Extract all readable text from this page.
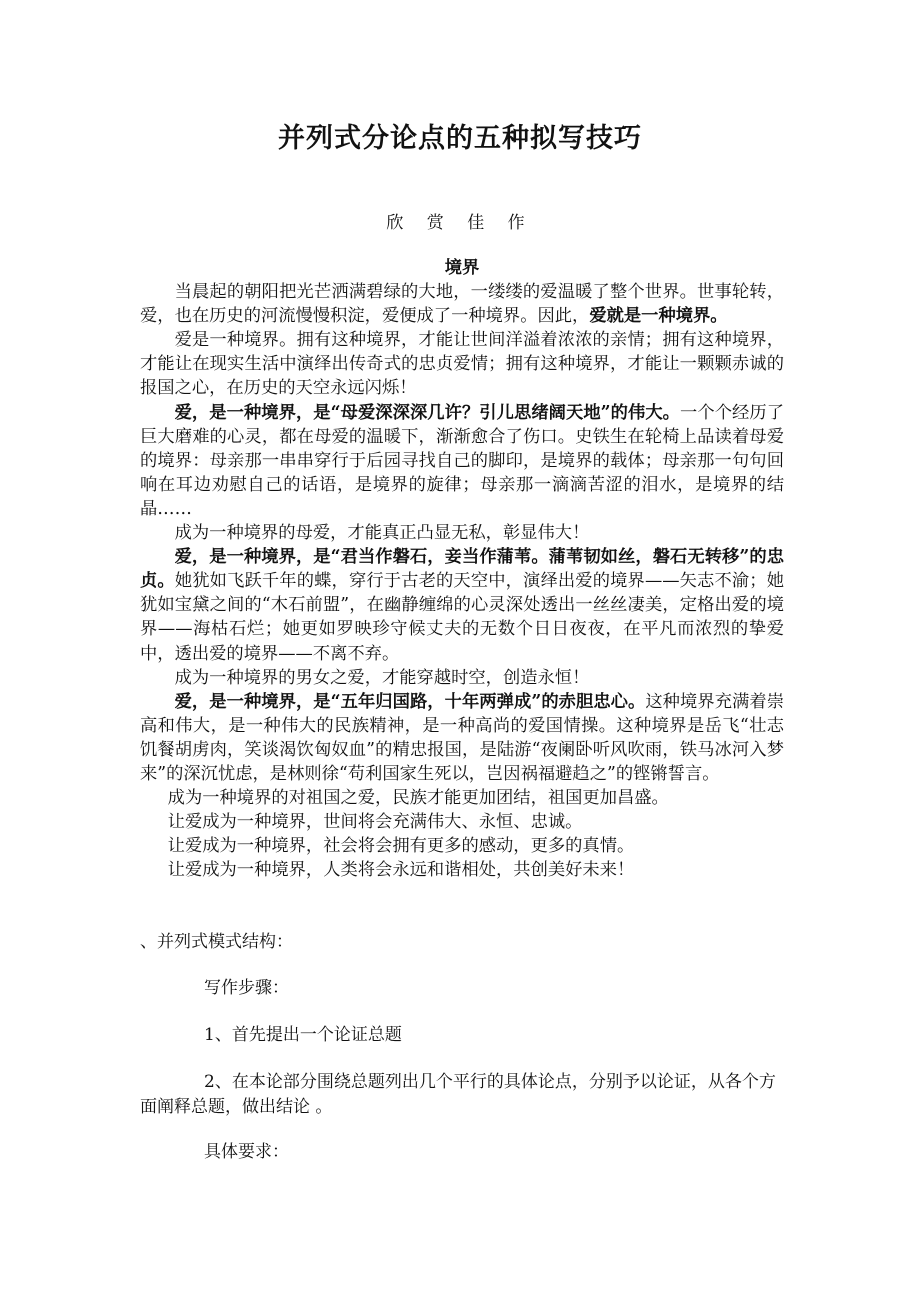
并列式分论点的五种拟写技巧
欣 赏 佳 作

境界

当晨起的朝阳把光芒洒满碧绿的大地，一缕缕的爱温暖了整个世界。世事轮转，爱，也在历史的河流慢慢积淀，爱便成了一种境界。因此，爱就是一种境界。

爱是一种境界。拥有这种境界，才能让世间洋溢着浓浓的亲情；拥有这种境界，才能让在现实生活中演绎出传奇式的忠贞爱情；拥有这种境界，才能让一颗颗赤诚的报国之心，在历史的天空永远闪烁！

爱，是一种境界，是“母爱深深深几许？引儿思绪阔天地”的伟大。一个个经历了巨大磨难的心灵，都在母爱的温暖下，渐渐愈合了伤口。史铁生在轮椅上品读着母爱的境界：母亲那一串串穿行于后园寻找自己的脚印，是境界的载体；母亲那一句句回响在耳边劝慰自己的话语，是境界的旋律；母亲那一滴滴苦涩的泪水，是境界的结晶……

成为一种境界的母爱，才能真正凸显无私，彰显伟大！

爱，是一种境界，是“君当作磐石，妾当作蒲苇。蒲苇韧如丝，磐石无转移”的忠贞。她犹如飞跃千年的蝶，穿行于古老的天空中，演绎出爱的境界——矢志不渝；她犹如宝黛之间的“木石前盟”，在幽静缠绵的心灵深处透出一丝丝凄美，定格出爱的境界——海枯石烂；她更如罗映珍守候丈夫的无数个日日夜夜，在平凡而浓烈的挚爱中，透出爱的境界——不离不弃。

成为一种境界的男女之爱，才能穿越时空，创造永恒！

爱，是一种境界，是“五年归国路，十年两弹成”的赤胆忠心。这种境界充满着崇高和伟大，是一种伟大的民族精神，是一种高尚的爱国情操。这种境界是岳飞“壮志饥餐胡虏肉，笑谈渴饮匈奴血”的精忠报国，是陆游“夜阑卧听风吹雨，铁马冰河入梦来”的深沉忧虑，是林则徐“苟利国家生死以，岂因祸福避趋之”的铿锵誓言。

成为一种境界的对祖国之爱，民族才能更加团结，祖国更加昌盛。

让爱成为一种境界，世间将会充满伟大、永恒、忠诚。

让爱成为一种境界，社会将会拥有更多的感动，更多的真情。

让爱成为一种境界，人类将会永远和谐相处，共创美好未来！

、并列式模式结构：

写作步骤：

1、首先提出一个论证总题

2、在本论部分围绕总题列出几个平行的具体论点，分别予以论证，从各个方面阐释总题，做出结论 。

具体要求：
